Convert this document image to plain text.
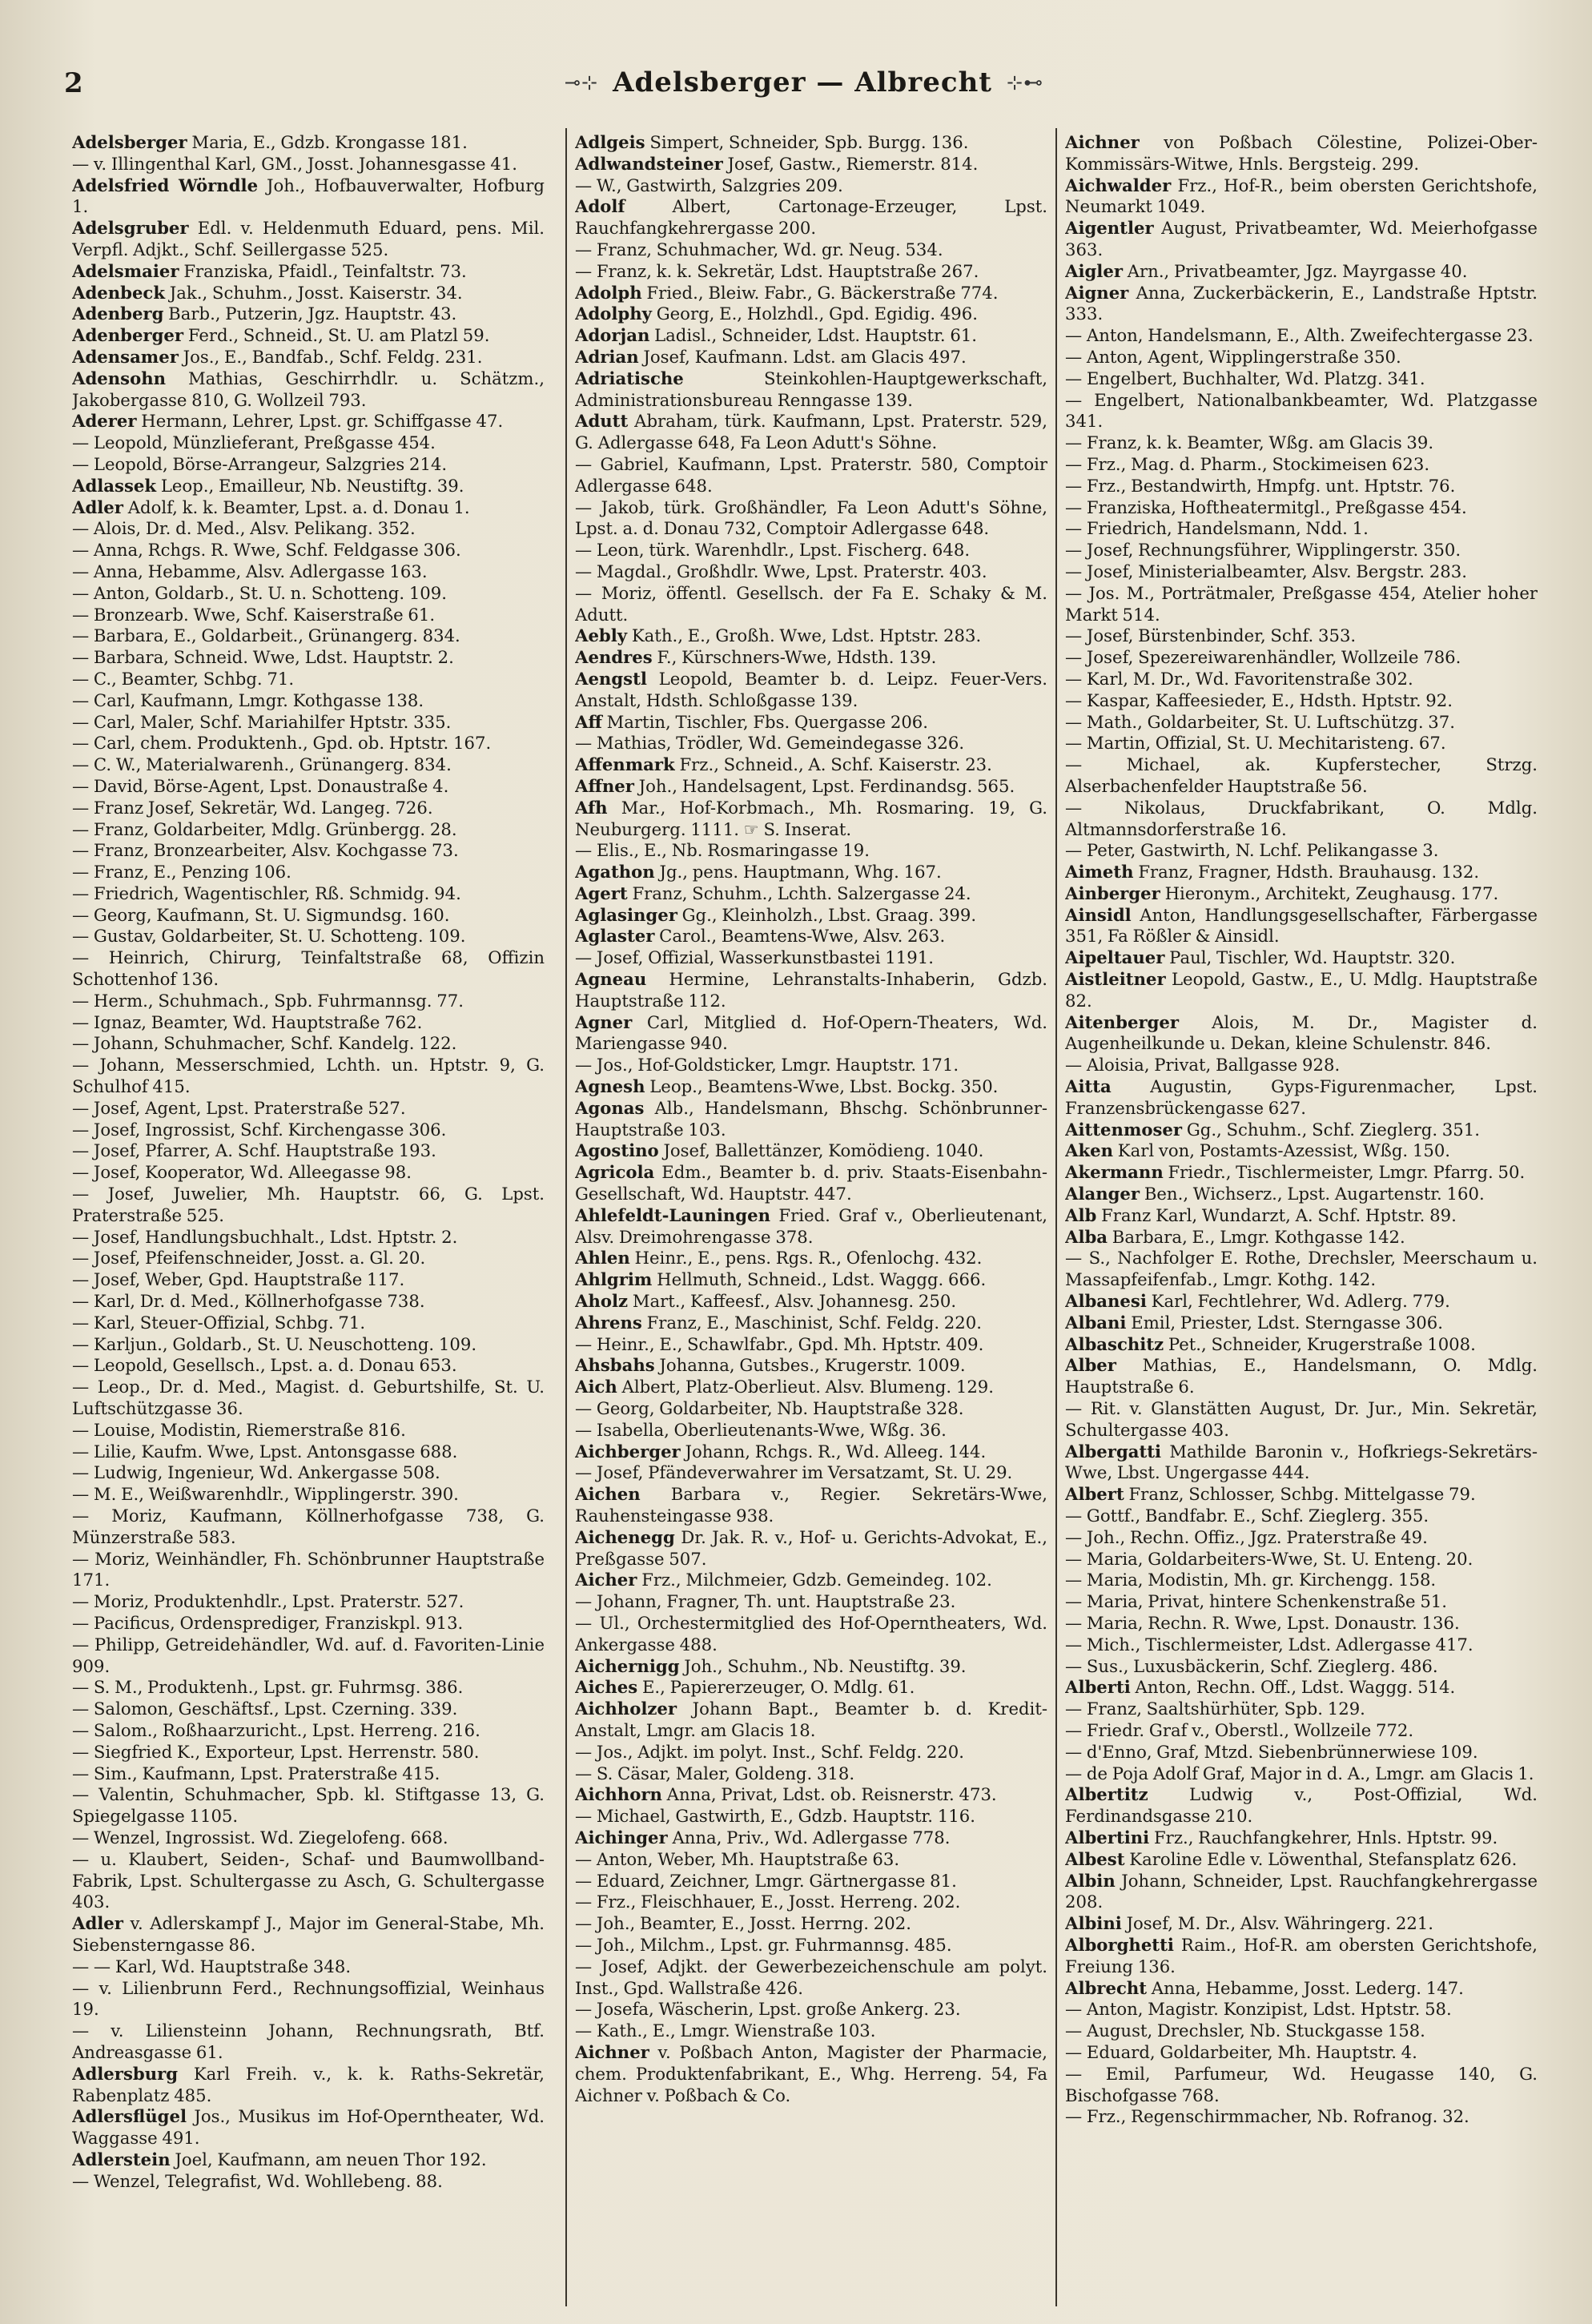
2	⊸⊹ Adelsberger — Albrecht ⊹⊷
Adelsberger Maria, E., Gdzb. Krongasse 181.
— v. Illingenthal Karl, GM., Josst. Johannesgasse 41.
Adelsfried Wörndle Joh., Hofbauverwalter, Hofburg 1.
Adelsgruber Edl. v. Heldenmuth Eduard, pens. Mil. Verpfl. Adjkt., Schf. Seillergasse 525.
Adelsmaier Franziska, Pfaidl., Teinfaltstr. 73.
Adenbeck Jak., Schuhm., Josst. Kaiserstr. 34.
Adenberg Barb., Putzerin, Jgz. Hauptstr. 43.
Adenberger Ferd., Schneid., St. U. am Platzl 59.
Adensamer Jos., E., Bandfab., Schf. Feldg. 231.
Adensohn Mathias, Geschirrhdlr. u. Schätzm., Jakobergasse 810, G. Wollzeil 793.
Aderer Hermann, Lehrer, Lpst. gr. Schiffgasse 47.
— Leopold, Münzlieferant, Preßgasse 454.
— Leopold, Börse-Arrangeur, Salzgries 214.
Adlassek Leop., Emailleur, Nb. Neustiftg. 39.
Adler Adolf, k. k. Beamter, Lpst. a. d. Donau 1.
— Alois, Dr. d. Med., Alsv. Pelikang. 352.
— Anna, Rchgs. R. Wwe, Schf. Feldgasse 306.
— Anna, Hebamme, Alsv. Adlergasse 163.
— Anton, Goldarb., St. U. n. Schotteng. 109.
— Bronzearb. Wwe, Schf. Kaiserstraße 61.
— Barbara, E., Goldarbeit., Grünangerg. 834.
— Barbara, Schneid. Wwe, Ldst. Hauptstr. 2.
— C., Beamter, Schbg. 71.
— Carl, Kaufmann, Lmgr. Kothgasse 138.
— Carl, Maler, Schf. Mariahilfer Hptstr. 335.
— Carl, chem. Produktenh., Gpd. ob. Hptstr. 167.
— C. W., Materialwarenh., Grünangerg. 834.
— David, Börse-Agent, Lpst. Donaustraße 4.
— Franz Josef, Sekretär, Wd. Langeg. 726.
— Franz, Goldarbeiter, Mdlg. Grünbergg. 28.
— Franz, Bronzearbeiter, Alsv. Kochgasse 73.
— Franz, E., Penzing 106.
— Friedrich, Wagentischler, Rß. Schmidg. 94.
— Georg, Kaufmann, St. U. Sigmundsg. 160.
— Gustav, Goldarbeiter, St. U. Schotteng. 109.
— Heinrich, Chirurg, Teinfaltstraße 68, Offizin Schottenhof 136.
— Herm., Schuhmach., Spb. Fuhrmannsg. 77.
— Ignaz, Beamter, Wd. Hauptstraße 762.
— Johann, Schuhmacher, Schf. Kandelg. 122.
— Johann, Messerschmied, Lchth. un. Hptstr. 9, G. Schulhof 415.
— Josef, Agent, Lpst. Praterstraße 527.
— Josef, Ingrossist, Schf. Kirchengasse 306.
— Josef, Pfarrer, A. Schf. Hauptstraße 193.
— Josef, Kooperator, Wd. Alleegasse 98.
— Josef, Juwelier, Mh. Hauptstr. 66, G. Lpst. Praterstraße 525.
— Josef, Handlungsbuchhalt., Ldst. Hptstr. 2.
— Josef, Pfeifenschneider, Josst. a. Gl. 20.
— Josef, Weber, Gpd. Hauptstraße 117.
— Karl, Dr. d. Med., Köllnerhofgasse 738.
— Karl, Steuer-Offizial, Schbg. 71.
— Karljun., Goldarb., St. U. Neuschotteng. 109.
— Leopold, Gesellsch., Lpst. a. d. Donau 653.
— Leop., Dr. d. Med., Magist. d. Geburtshilfe, St. U. Luftschützgasse 36.
— Louise, Modistin, Riemerstraße 816.
— Lilie, Kaufm. Wwe, Lpst. Antonsgasse 688.
— Ludwig, Ingenieur, Wd. Ankergasse 508.
— M. E., Weißwarenhdlr., Wipplingerstr. 390.
— Moriz, Kaufmann, Köllnerhofgasse 738, G. Münzerstraße 583.
— Moriz, Weinhändler, Fh. Schönbrunner Hauptstraße 171.
— Moriz, Produktenhdlr., Lpst. Praterstr. 527.
— Pacificus, Ordensprediger, Franziskpl. 913.
— Philipp, Getreidehändler, Wd. auf. d. Favoriten-Linie 909.
— S. M., Produktenh., Lpst. gr. Fuhrmsg. 386.
— Salomon, Geschäftsf., Lpst. Czerning. 339.
— Salom., Roßhaarzuricht., Lpst. Herreng. 216.
— Siegfried K., Exporteur, Lpst. Herrenstr. 580.
— Sim., Kaufmann, Lpst. Praterstraße 415.
— Valentin, Schuhmacher, Spb. kl. Stiftgasse 13, G. Spiegelgasse 1105.
— Wenzel, Ingrossist. Wd. Ziegelofeng. 668.
— u. Klaubert, Seiden-, Schaf- und Baumwollband-Fabrik, Lpst. Schultergasse zu Asch, G. Schultergasse 403.
Adler v. Adlerskampf J., Major im General-Stabe, Mh. Siebensterngasse 86.
— — Karl, Wd. Hauptstraße 348.
— v. Lilienbrunn Ferd., Rechnungsoffizial, Weinhaus 19.
— v. Liliensteinn Johann, Rechnungsrath, Btf. Andreasgasse 61.
Adlersburg Karl Freih. v., k. k. Raths-Sekretär, Rabenplatz 485.
Adlersflügel Jos., Musikus im Hof-Operntheater, Wd. Waggasse 491.
Adlerstein Joel, Kaufmann, am neuen Thor 192.
— Wenzel, Telegrafist, Wd. Wohllebeng. 88.
Adlgeis Simpert, Schneider, Spb. Burgg. 136.
Adlwandsteiner Josef, Gastw., Riemerstr. 814.
— W., Gastwirth, Salzgries 209.
Adolf	Albert, Cartonage-Erzeuger, Lpst. Rauchfangkehrergasse 200.
— Franz, Schuhmacher, Wd. gr. Neug. 534.
— Franz, k. k. Sekretär, Ldst. Hauptstraße 267.
Adolph Fried., Bleiw. Fabr., G. Bäckerstraße 774.
Adolphy Georg, E., Holzhdl., Gpd. Egidig. 496.
Adorjan Ladisl., Schneider, Ldst. Hauptstr. 61.
Adrian Josef, Kaufmann. Ldst. am Glacis 497.
Adriatische	Steinkohlen-Hauptgewerkschaft, Administrationsbureau Renngasse 139.
Adutt Abraham, türk. Kaufmann, Lpst. Praterstr. 529, G. Adlergasse 648, Fa Leon Adutt's Söhne.
— Gabriel, Kaufmann, Lpst. Praterstr. 580, Comptoir Adlergasse 648.
— Jakob, türk. Großhändler, Fa Leon Adutt's Söhne, Lpst. a. d. Donau 732, Comptoir Adlergasse 648.
— Leon, türk. Warenhdlr., Lpst. Fischerg. 648.
— Magdal., Großhdlr. Wwe, Lpst. Praterstr. 403.
— Moriz, öffentl. Gesellsch. der Fa E. Schaky & M. Adutt.
Aebly Kath., E., Großh. Wwe, Ldst. Hptstr. 283.
Aendres F., Kürschners-Wwe, Hdsth. 139.
Aengstl Leopold, Beamter b. d. Leipz. Feuer-Vers. Anstalt, Hdsth. Schloßgasse 139.
Aff Martin, Tischler, Fbs. Quergasse 206.
— Mathias, Trödler, Wd. Gemeindegasse 326.
Affenmark Frz., Schneid., A. Schf. Kaiserstr. 23.
Affner Joh., Handelsagent, Lpst. Ferdinandsg. 565.
Afh Mar., Hof-Korbmach., Mh. Rosmaring. 19, G. Neuburgerg. 1111. ☞ S. Inserat.
— Elis., E., Nb. Rosmaringasse 19.
Agathon Jg., pens. Hauptmann, Whg. 167.
Agert Franz, Schuhm., Lchth. Salzergasse 24.
Aglasinger Gg., Kleinholzh., Lbst. Graag. 399.
Aglaster Carol., Beamtens-Wwe, Alsv. 263.
— Josef, Offizial, Wasserkunstbastei 1191.
Agneau Hermine, Lehranstalts-Inhaberin, Gdzb. Hauptstraße 112.
Agner Carl, Mitglied d. Hof-Opern-Theaters, Wd. Mariengasse 940.
— Jos., Hof-Goldsticker, Lmgr. Hauptstr. 171.
Agnesh Leop., Beamtens-Wwe, Lbst. Bockg. 350.
Agonas Alb., Handelsmann, Bhschg. Schönbrunner-Hauptstraße 103.
Agostino Josef, Ballettänzer, Komödieng. 1040.
Agricola Edm., Beamter b. d. priv. Staats-Eisenbahn-Gesellschaft, Wd. Hauptstr. 447.
Ahlefeldt-Launingen Fried. Graf v., Oberlieutenant, Alsv. Dreimohrengasse 378.
Ahlen Heinr., E., pens. Rgs. R., Ofenlochg. 432.
Ahlgrim Hellmuth, Schneid., Ldst. Waggg. 666.
Aholz Mart., Kaffeesf., Alsv. Johannesg. 250.
Ahrens Franz, E., Maschinist, Schf. Feldg. 220.
— Heinr., E., Schawlfabr., Gpd. Mh. Hptstr. 409.
Ahsbahs Johanna, Gutsbes., Krugerstr. 1009.
Aich Albert, Platz-Oberlieut. Alsv. Blumeng. 129.
— Georg, Goldarbeiter, Nb. Hauptstraße 328.
— Isabella, Oberlieutenants-Wwe, Wßg. 36.
Aichberger Johann, Rchgs. R., Wd. Alleeg. 144.
— Josef, Pfändeverwahrer im Versatzamt, St. U. 29.
Aichen Barbara v., Regier. Sekretärs-Wwe, Rauhensteingasse 938.
Aichenegg Dr. Jak. R. v., Hof- u. Gerichts-Advokat, E., Preßgasse 507.
Aicher Frz., Milchmeier, Gdzb. Gemeindeg. 102.
— Johann, Fragner, Th. unt. Hauptstraße 23.
— Ul., Orchestermitglied des Hof-Operntheaters, Wd. Ankergasse 488.
Aichernigg Joh., Schuhm., Nb. Neustiftg. 39.
Aiches E., Papiererzeuger, O. Mdlg. 61.
Aichholzer Johann Bapt., Beamter b. d. Kredit-Anstalt, Lmgr. am Glacis 18.
— Jos., Adjkt. im polyt. Inst., Schf. Feldg. 220.
— S. Cäsar, Maler, Goldeng. 318.
Aichhorn Anna, Privat, Ldst. ob. Reisnerstr. 473.
— Michael, Gastwirth, E., Gdzb. Hauptstr. 116.
Aichinger Anna, Priv., Wd. Adlergasse 778.
— Anton, Weber, Mh. Hauptstraße 63.
— Eduard, Zeichner, Lmgr. Gärtnergasse 81.
— Frz., Fleischhauer, E., Josst. Herreng. 202.
— Joh., Beamter, E., Josst. Herrng. 202.
— Joh., Milchm., Lpst. gr. Fuhrmannsg. 485.
— Josef, Adjkt. der Gewerbezeichenschule am polyt. Inst., Gpd. Wallstraße 426.
— Josefa, Wäscherin, Lpst. große Ankerg. 23.
— Kath., E., Lmgr. Wienstraße 103.
Aichner v. Poßbach Anton, Magister der Pharmacie, chem. Produktenfabrikant, E., Whg. Herreng. 54, Fa Aichner v. Poßbach & Co.
Aichner von Poßbach Cölestine, Polizei-Ober-Kommissärs-Witwe, Hnls. Bergsteig. 299.
Aichwalder Frz., Hof-R., beim obersten Gerichtshofe, Neumarkt 1049.
Aigentler August, Privatbeamter, Wd. Meierhofgasse 363.
Aigler Arn., Privatbeamter, Jgz. Mayrgasse 40.
Aigner Anna, Zuckerbäckerin, E., Landstraße Hptstr. 333.
— Anton, Handelsmann, E., Alth. Zweifechtergasse 23.
— Anton, Agent, Wipplingerstraße 350.
— Engelbert, Buchhalter, Wd. Platzg. 341.
— Engelbert, Nationalbankbeamter, Wd. Platzgasse 341.
— Franz, k. k. Beamter, Wßg. am Glacis 39.
— Frz., Mag. d. Pharm., Stockimeisen 623.
— Frz., Bestandwirth, Hmpfg. unt. Hptstr. 76.
— Franziska, Hoftheatermitgl., Preßgasse 454.
— Friedrich, Handelsmann, Ndd. 1.
— Josef, Rechnungsführer, Wipplingerstr. 350.
— Josef, Ministerialbeamter, Alsv. Bergstr. 283.
— Jos. M., Porträtmaler, Preßgasse 454, Atelier hoher Markt 514.
— Josef, Bürstenbinder, Schf. 353.
— Josef, Spezereiwarenhändler, Wollzeile 786.
— Karl, M. Dr., Wd. Favoritenstraße 302.
— Kaspar, Kaffeesieder, E., Hdsth. Hptstr. 92.
— Math., Goldarbeiter, St. U. Luftschützg. 37.
— Martin, Offizial, St. U. Mechitaristeng. 67.
— Michael, ak. Kupferstecher, Strzg. Alserbachenfelder Hauptstraße 56.
— Nikolaus, Druckfabrikant, O. Mdlg. Altmannsdorferstraße 16.
— Peter, Gastwirth, N. Lchf. Pelikangasse 3.
Aimeth Franz, Fragner, Hdsth. Brauhausg. 132.
Ainberger Hieronym., Architekt, Zeughausg. 177.
Ainsidl Anton, Handlungsgesellschafter, Färbergasse 351, Fa Rößler & Ainsidl.
Aipeltauer Paul, Tischler, Wd. Hauptstr. 320.
Aistleitner Leopold, Gastw., E., U. Mdlg. Hauptstraße 82.
Aitenberger Alois, M. Dr., Magister d. Augenheilkunde u. Dekan, kleine Schulenstr. 846.
— Aloisia, Privat, Ballgasse 928.
Aitta Augustin, Gyps-Figurenmacher, Lpst. Franzensbrückengasse 627.
Aittenmoser Gg., Schuhm., Schf. Zieglerg. 351.
Aken Karl von, Postamts-Azessist, Wßg. 150.
Akermann Friedr., Tischlermeister, Lmgr. Pfarrg. 50.
Alanger Ben., Wichserz., Lpst. Augartenstr. 160.
Alb Franz Karl, Wundarzt, A. Schf. Hptstr. 89.
Alba Barbara, E., Lmgr. Kothgasse 142.
— S., Nachfolger E. Rothe, Drechsler, Meerschaum u. Massapfeifenfab., Lmgr. Kothg. 142.
Albanesi Karl, Fechtlehrer, Wd. Adlerg. 779.
Albani Emil, Priester, Ldst. Sterngasse 306.
Albaschitz Pet., Schneider, Krugerstraße 1008.
Alber Mathias, E., Handelsmann, O. Mdlg. Hauptstraße 6.
— Rit. v. Glanstätten August, Dr. Jur., Min. Sekretär, Schultergasse 403.
Albergatti Mathilde Baronin v., Hofkriegs-Sekretärs-Wwe, Lbst. Ungergasse 444.
Albert Franz, Schlosser, Schbg. Mittelgasse 79.
— Gottf., Bandfabr. E., Schf. Zieglerg. 355.
— Joh., Rechn. Offiz., Jgz. Praterstraße 49.
— Maria, Goldarbeiters-Wwe, St. U. Enteng. 20.
— Maria, Modistin, Mh. gr. Kirchengg. 158.
— Maria, Privat, hintere Schenkenstraße 51.
— Maria, Rechn. R. Wwe, Lpst. Donaustr. 136.
— Mich., Tischlermeister, Ldst. Adlergasse 417.
— Sus., Luxusbäckerin, Schf. Zieglerg. 486.
Alberti Anton, Rechn. Off., Ldst. Waggg. 514.
— Franz, Saaltshürhüter, Spb. 129.
— Friedr. Graf v., Oberstl., Wollzeile 772.
— d'Enno, Graf, Mtzd. Siebenbrünnerwiese 109.
— de Poja Adolf Graf, Major in d. A., Lmgr. am Glacis 1.
Albertitz Ludwig v., Post-Offizial, Wd. Ferdinandsgasse 210.
Albertini Frz., Rauchfangkehrer, Hnls. Hptstr. 99.
Albest Karoline Edle v. Löwenthal, Stefansplatz 626.
Albin Johann, Schneider, Lpst. Rauchfangkehrergasse 208.
Albini Josef, M. Dr., Alsv. Währingerg. 221.
Alborghetti Raim., Hof-R. am obersten Gerichtshofe, Freiung 136.
Albrecht Anna, Hebamme, Josst. Lederg. 147.
— Anton, Magistr. Konzipist, Ldst. Hptstr. 58.
— August, Drechsler, Nb. Stuckgasse 158.
— Eduard, Goldarbeiter, Mh. Hauptstr. 4.
— Emil, Parfumeur, Wd. Heugasse 140, G. Bischofgasse 768.
— Frz., Regenschirmmacher, Nb. Rofranog. 32.
